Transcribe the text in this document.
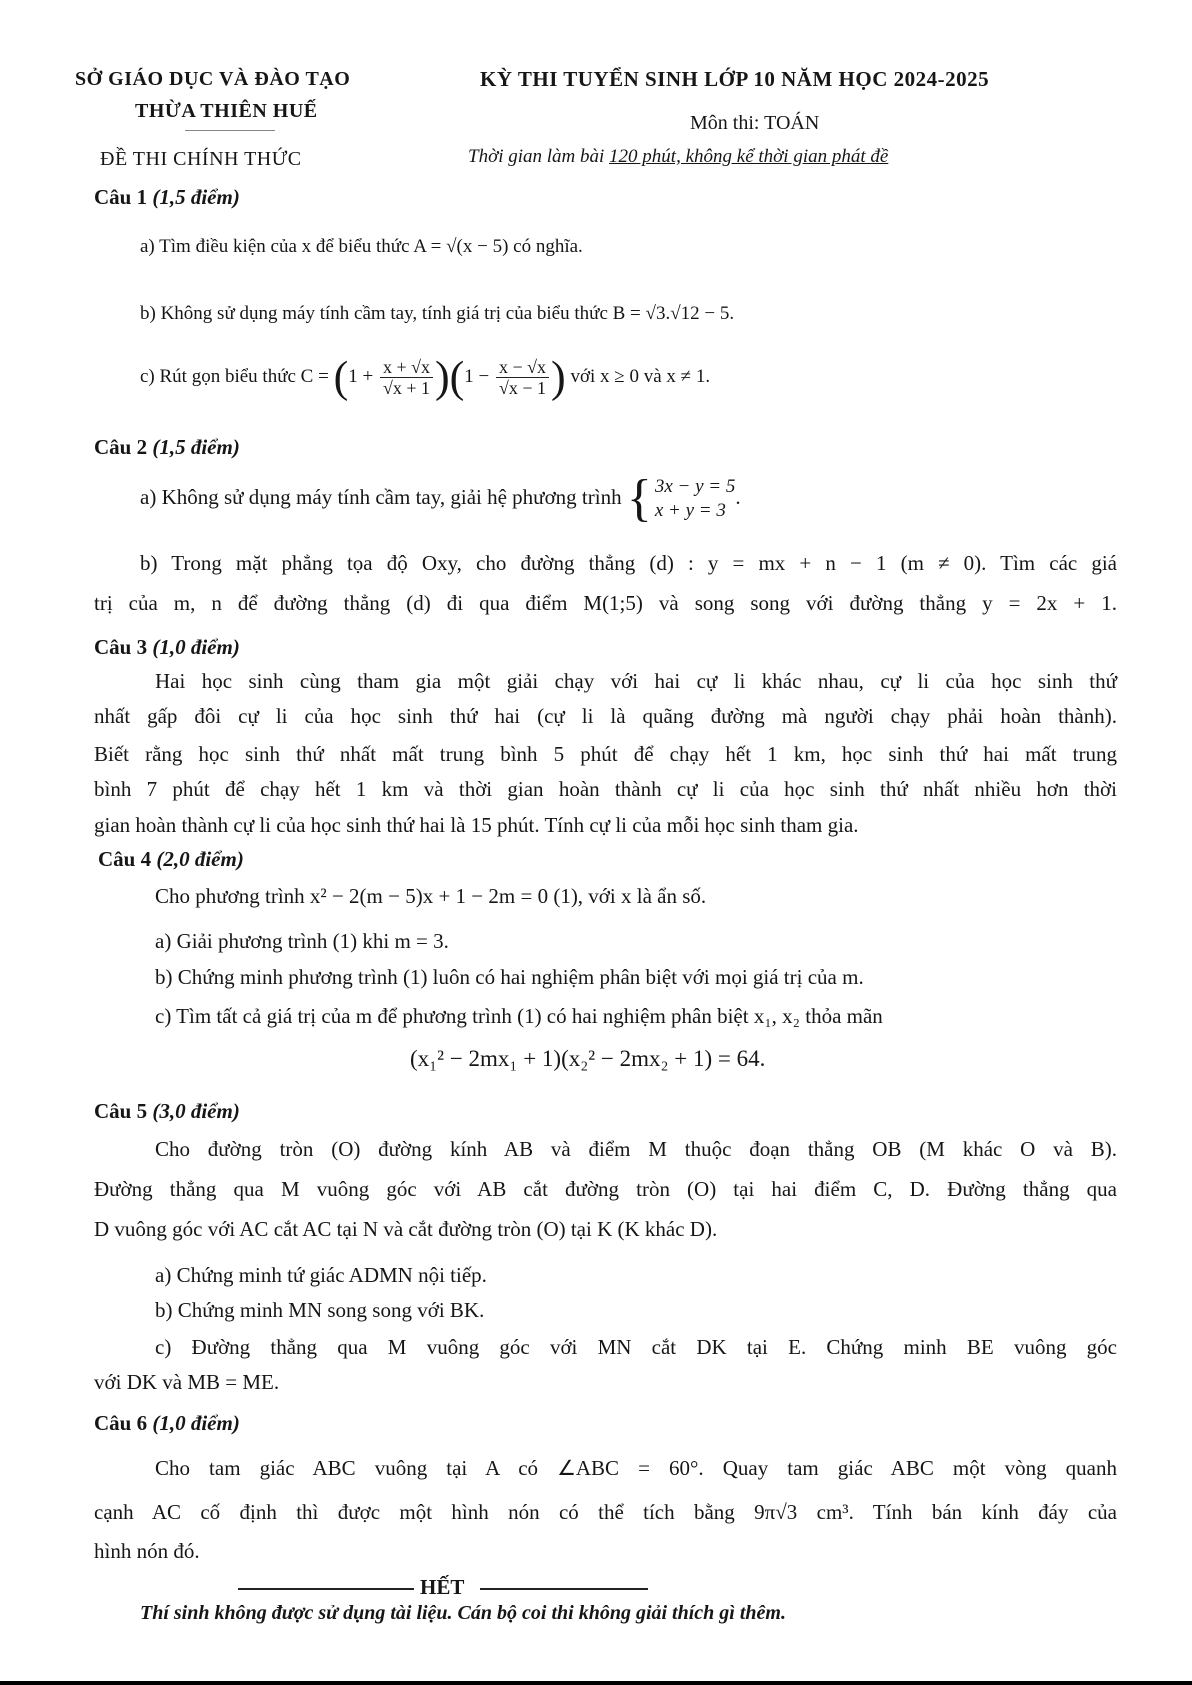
SỞ GIÁO DỤC VÀ ĐÀO TẠO
THỪA THIÊN HUẾ
ĐỀ THI CHÍNH THỨC
KỲ THI TUYỂN SINH LỚP 10 NĂM HỌC 2024-2025
Môn thi: TOÁN
Thời gian làm bài 120 phút, không kể thời gian phát đề
Câu 1 (1,5 điểm)
a) Tìm điều kiện của x để biểu thức A = √(x − 5) có nghĩa.
b) Không sử dụng máy tính cầm tay, tính giá trị của biểu thức B = √3.√12 − 5.
c) Rút gọn biểu thức $C = (1 + \frac{x + √x}{√x + 1} )(1 - \frac{x - √x}{√x - 1}$ ) với x ≥ 0 và x ≠ 1.
Câu 2 (1,5 điểm)
a) Không sử dụng máy tính cầm tay, giải hệ phương trình { 3x − y = 5
x + y = 3
.
b) Trong mặt phẳng tọa độ Oxy, cho đường thẳng (d) : y = mx + n − 1 (m ≠ 0). Tìm các giá
trị của m, n để đường thẳng (d) đi qua điểm M(1;5) và song song với đường thẳng y = 2x + 1.
Câu 3 (1,0 điểm)
Hai học sinh cùng tham gia một giải chạy với hai cự li khác nhau, cự li của học sinh thứ
nhất gấp đôi cự li của học sinh thứ hai (cự li là quãng đường mà người chạy phải hoàn thành).
Biết rằng học sinh thứ nhất mất trung bình 5 phút để chạy hết 1 km, học sinh thứ hai mất trung
bình 7 phút để chạy hết 1 km và thời gian hoàn thành cự li của học sinh thứ nhất nhiều hơn thời
gian hoàn thành cự li của học sinh thứ hai là 15 phút. Tính cự li của mỗi học sinh tham gia.
Câu 4 (2,0 điểm)
Cho phương trình x² − 2(m − 5)x + 1 − 2m = 0 (1), với x là ẩn số.
a) Giải phương trình (1) khi m = 3.
b) Chứng minh phương trình (1) luôn có hai nghiệm phân biệt với mọi giá trị của m.
c) Tìm tất cả giá trị của m để phương trình (1) có hai nghiệm phân biệt x₁, x₂ thỏa mãn
(x₁² − 2mx₁ + 1)(x₂² − 2mx₂ + 1) = 64.
Câu 5 (3,0 điểm)
Cho đường tròn (O) đường kính AB và điểm M thuộc đoạn thẳng OB (M khác O và B).
Đường thẳng qua M vuông góc với AB cắt đường tròn (O) tại hai điểm C, D. Đường thẳng qua
D vuông góc với AC cắt AC tại N và cắt đường tròn (O) tại K (K khác D).
a) Chứng minh tứ giác ADMN nội tiếp.
b) Chứng minh MN song song với BK.
c) Đường thẳng qua M vuông góc với MN cắt DK tại E. Chứng minh BE vuông góc
với DK và MB = ME.
Câu 6 (1,0 điểm)
Cho tam giác ABC vuông tại A có ∠ABC = 60°. Quay tam giác ABC một vòng quanh
cạnh AC cố định thì được một hình nón có thể tích bằng 9π√3 cm³. Tính bán kính đáy của
hình nón đó.
HẾT
Thí sinh không được sử dụng tài liệu. Cán bộ coi thi không giải thích gì thêm.
